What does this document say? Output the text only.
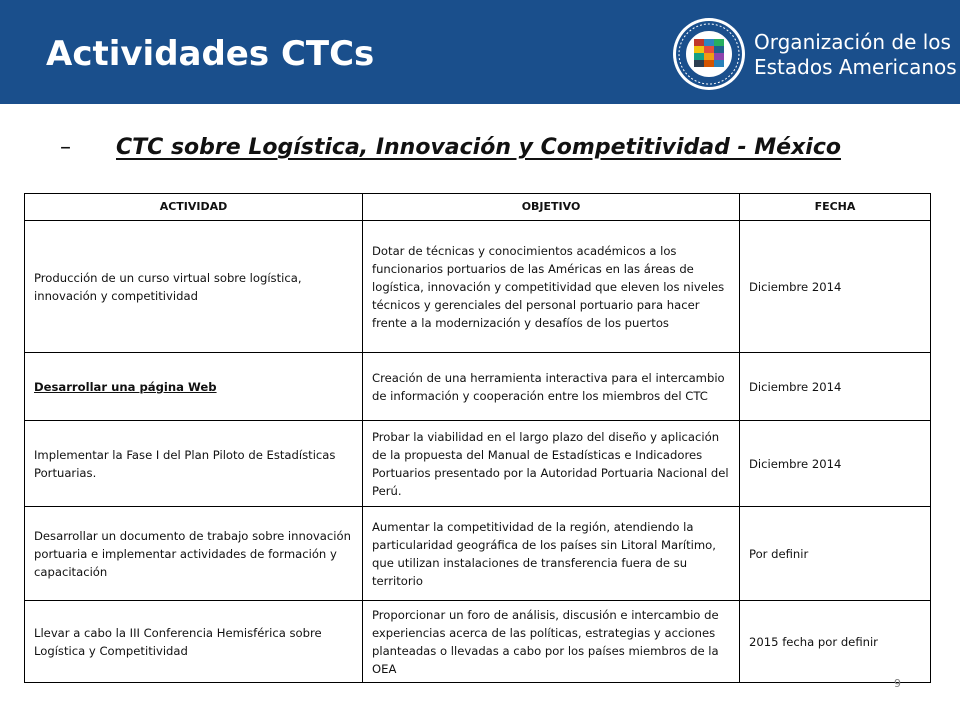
Actividades CTCs	Organización de los
Estados Americanos
– CTC sobre Logística, Innovación y Competitividad - México
ACTIVIDAD	OBJETIVO	FECHA
Producción de un curso virtual sobre logística, innovación y competitividad	Dotar de técnicas y conocimientos académicos a los funcionarios portuarios de las Américas en las áreas de logística, innovación y competitividad que eleven los niveles técnicos y gerenciales del personal portuario para hacer frente a la modernización y desafíos de los puertos	Diciembre 2014
Desarrollar una página Web	Creación de una herramienta interactiva para el intercambio de información y cooperación entre los miembros del CTC	Diciembre 2014
Implementar la Fase I del Plan Piloto de Estadísticas Portuarias.	Probar la viabilidad en el largo plazo del diseño y aplicación de la propuesta del Manual de Estadísticas e Indicadores Portuarios presentado por la Autoridad Portuaria Nacional del Perú.	Diciembre 2014
Desarrollar un documento de trabajo sobre innovación portuaria e implementar actividades de formación y capacitación	Aumentar la competitividad de la región, atendiendo la particularidad geográfica de los países sin Litoral Marítimo, que utilizan instalaciones de transferencia fuera de su territorio	Por definir
Llevar a cabo la III Conferencia Hemisférica sobre Logística y Competitividad	Proporcionar un foro de análisis, discusión e intercambio de experiencias acerca de las políticas, estrategias y acciones planteadas o llevadas a cabo por los países miembros de la OEA	2015 fecha por definir
9
